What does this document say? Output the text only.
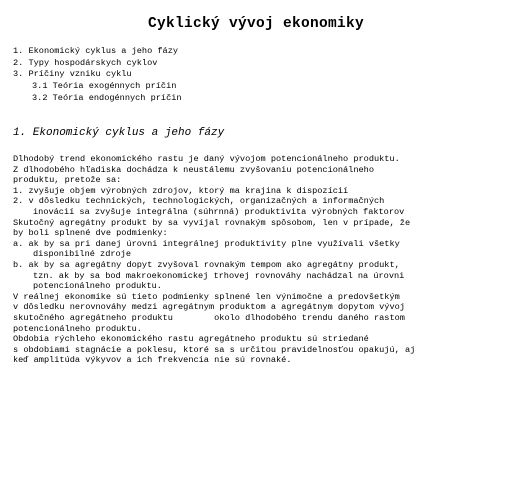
Cyklický vývoj ekonomiky
1. Ekonomický cyklus a jeho fázy
2. Typy hospodárskych cyklov
3. Príčiny vzniku cyklu
3.1 Teória exogénnych príčin
3.2 Teória endogénnych príčin
1. Ekonomický cyklus a jeho fázy
Dlhodobý trend ekonomického rastu je daný vývojom potencionálneho produktu.
Z dlhodobého hľadiska dochádza k neustálemu zvyšovaniu potencionálneho
produktu, pretože sa:
1. zvyšuje objem výrobných zdrojov, ktorý ma krajina k dispozícií
2. v dôsledku technických, technologických, organizačných a informačných
inovácií sa zvyšuje integrálna (súhrnná) produktivita výrobných faktorov
Skutočný agregátny produkt by sa vyvíjal rovnakým spôsobom, len v prípade, že
by boli splnené dve podmienky:
a. ak by sa pri danej úrovni integrálnej produktivity plne využívali všetky
disponibilné zdroje
b. ak by sa agregátny dopyt zvyšoval rovnakým tempom ako agregátny produkt,
tzn. ak by sa bod makroekonomickej trhovej rovnováhy nachádzal na úrovni
potencionálneho produktu.
V reálnej ekonomike sú tieto podmienky splnené len výnimočne a predovšetkým
v dôsledku nerovnováhy medzi agregátnym produktom a agregátnym dopytom vývoj
skutočného agregátneho produktu        okolo dlhodobého trendu daného rastom
potencionálneho produktu.
Obdobia rýchleho ekonomického rastu agregátneho produktu sú striedané
s obdobiami stagnácie a poklesu, ktoré sa s určitou pravidelnosťou opakujú, aj
keď amplitúda výkyvov a ich frekvencia nie sú rovnaké.
